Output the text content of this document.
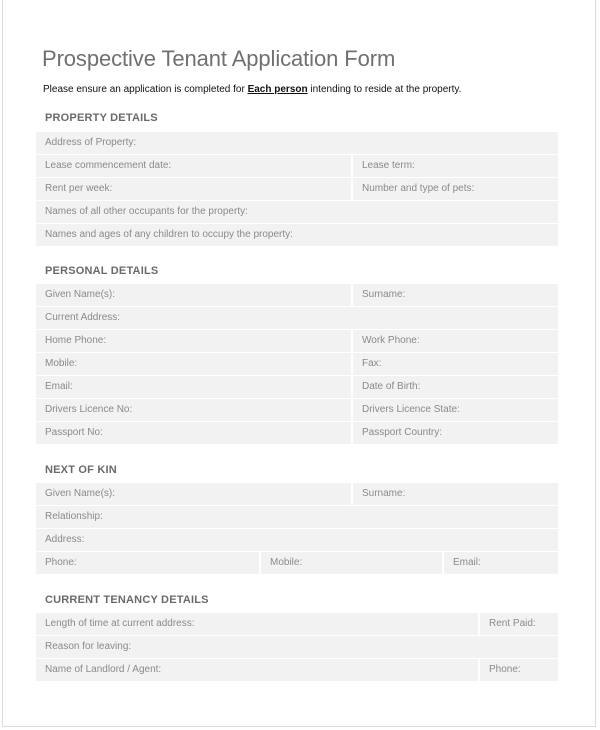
Prospective Tenant Application Form
Please ensure an application is completed for Each person intending to reside at the property.
PROPERTY DETAILS
Address of Property:
Lease commencement date:	Lease term:
Rent per week:	Number and type of pets:
Names of all other occupants for the property:
Names and ages of any children to occupy the property:
PERSONAL DETAILS
Given Name(s):	Surname:
Current Address:
Home Phone:	Work Phone:
Mobile:	Fax:
Email:	Date of Birth:
Drivers Licence No:	Drivers Licence State:
Passport No:	Passport Country:
NEXT OF KIN
Given Name(s):	Surname:
Relationship:
Address:
Phone:	Mobile:	Email:
CURRENT TENANCY DETAILS
Length of time at current address:	Rent Paid:
Reason for leaving:
Name of Landlord / Agent:	Phone:
